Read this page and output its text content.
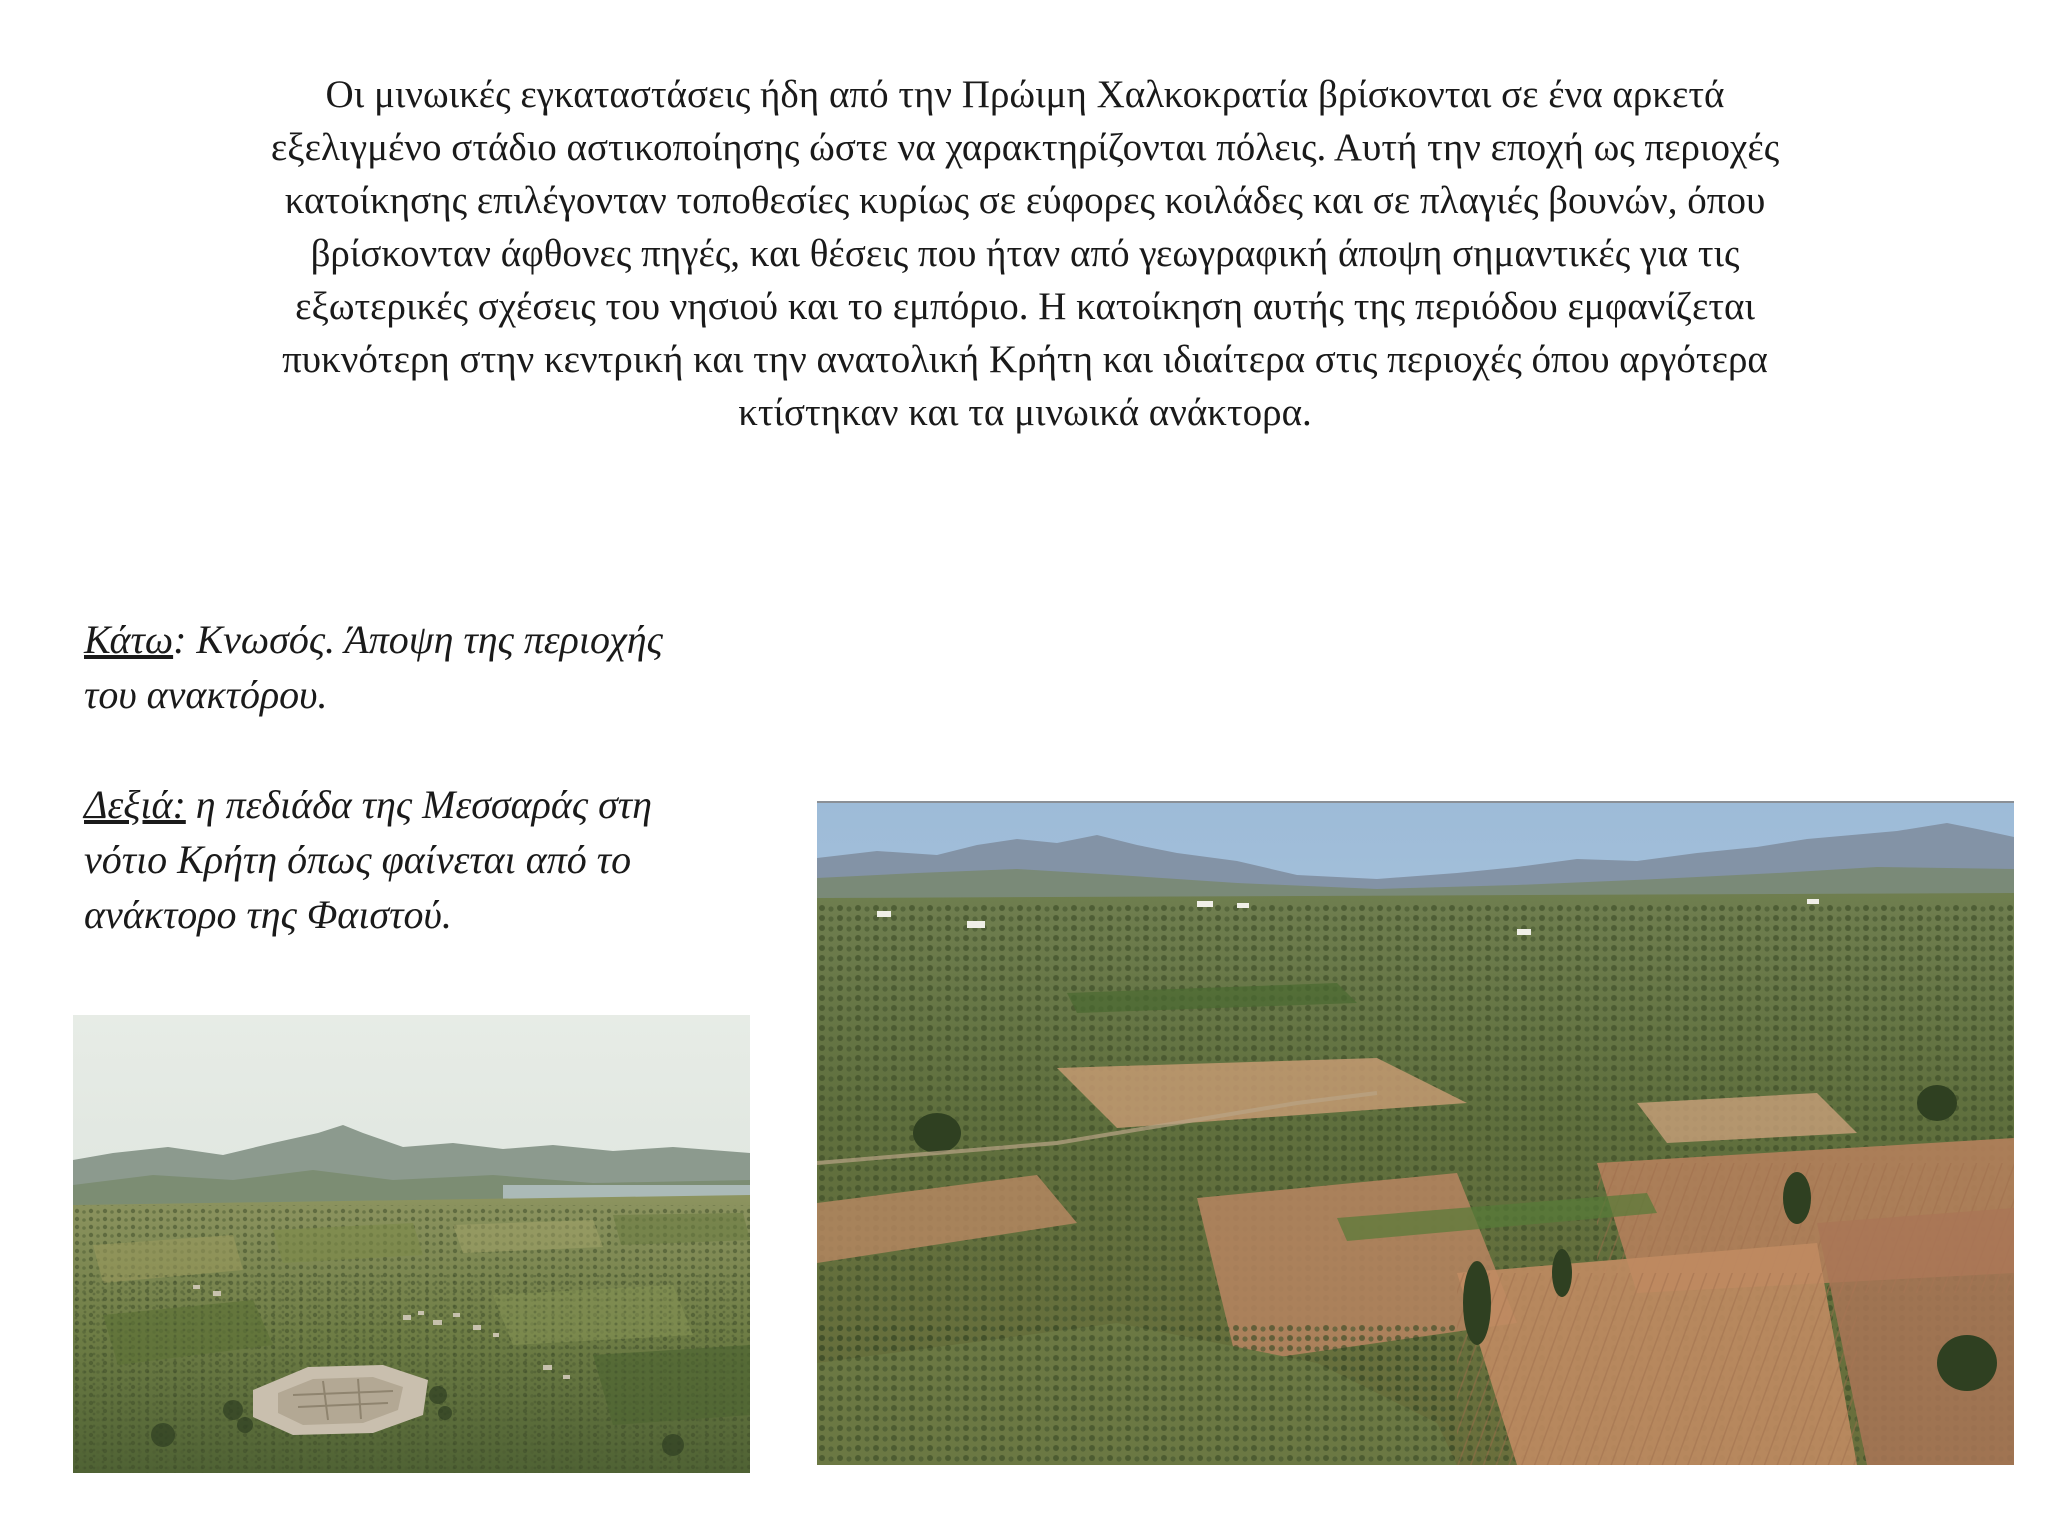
Οι μινωικές εγκαταστάσεις ήδη από την Πρώιμη Χαλκοκρατία βρίσκονται σε ένα αρκετά
εξελιγμένο στάδιο αστικοποίησης ώστε να χαρακτηρίζονται πόλεις. Αυτή την εποχή ως περιοχές
κατοίκησης επιλέγονταν τοποθεσίες κυρίως σε εύφορες κοιλάδες και σε πλαγιές βουνών, όπου
βρίσκονταν άφθονες πηγές, και θέσεις που ήταν από γεωγραφική άποψη σημαντικές για τις
εξωτερικές σχέσεις του νησιού και το εμπόριο. Η κατοίκηση αυτής της περιόδου εμφανίζεται
πυκνότερη στην κεντρική και την ανατολική Κρήτη και ιδιαίτερα στις περιοχές όπου αργότερα
κτίστηκαν και τα μινωικά ανάκτορα.

Κάτω: Κνωσός. Άποψη της περιοχής
του ανακτόρου.

Δεξιά: η πεδιάδα της Μεσσαράς στη
νότιο Κρήτη όπως φαίνεται από το
ανάκτορο της Φαιστού.
